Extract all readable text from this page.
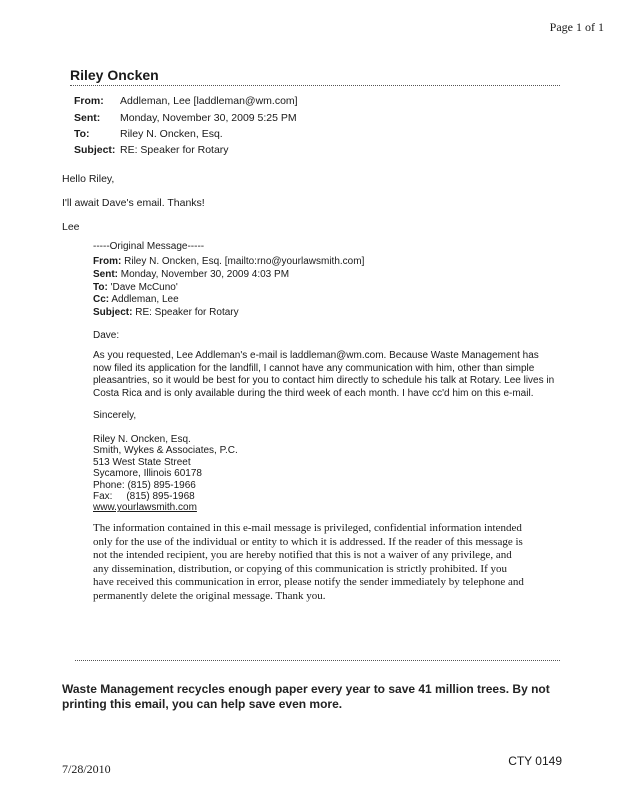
Page 1 of 1
Riley Oncken
From: Addleman, Lee [laddleman@wm.com]
Sent: Monday, November 30, 2009 5:25 PM
To:	Riley N. Oncken, Esq.
Subject: RE: Speaker for Rotary
Hello Riley,
I'll await Dave's email. Thanks!
Lee
-----Original Message-----
From: Riley N. Oncken, Esq. [mailto:rno@yourlawsmith.com]
Sent: Monday, November 30, 2009 4:03 PM
To: 'Dave McCuno'
Cc: Addleman, Lee
Subject: RE: Speaker for Rotary
Dave:
As you requested, Lee Addleman's e-mail is laddleman@wm.com. Because Waste Management has now filed its application for the landfill, I cannot have any communication with him, other than simple pleasantries, so it would be best for you to contact him directly to schedule his talk at Rotary. Lee lives in Costa Rica and is only available during the third week of each month. I have cc'd him on this e-mail.
Sincerely,
Riley N. Oncken, Esq.
Smith, Wykes & Associates, P.C.
513 West State Street
Sycamore, Illinois 60178
Phone: (815) 895-1966
Fax:     (815) 895-1968
www.yourlawsmith.com
The information contained in this e-mail message is privileged, confidential information intended
only for the use of the individual or entity to which it is addressed. If the reader of this message is
not the intended recipient, you are hereby notified that this is not a waiver of any privilege, and
any dissemination, distribution, or copying of this communication is strictly prohibited. If you
have received this communication in error, please notify the sender immediately by telephone and
permanently delete the original message. Thank you.
Waste Management recycles enough paper every year to save 41 million trees. By not
printing this email, you can help save even more.
7/28/2010
CTY 0149
